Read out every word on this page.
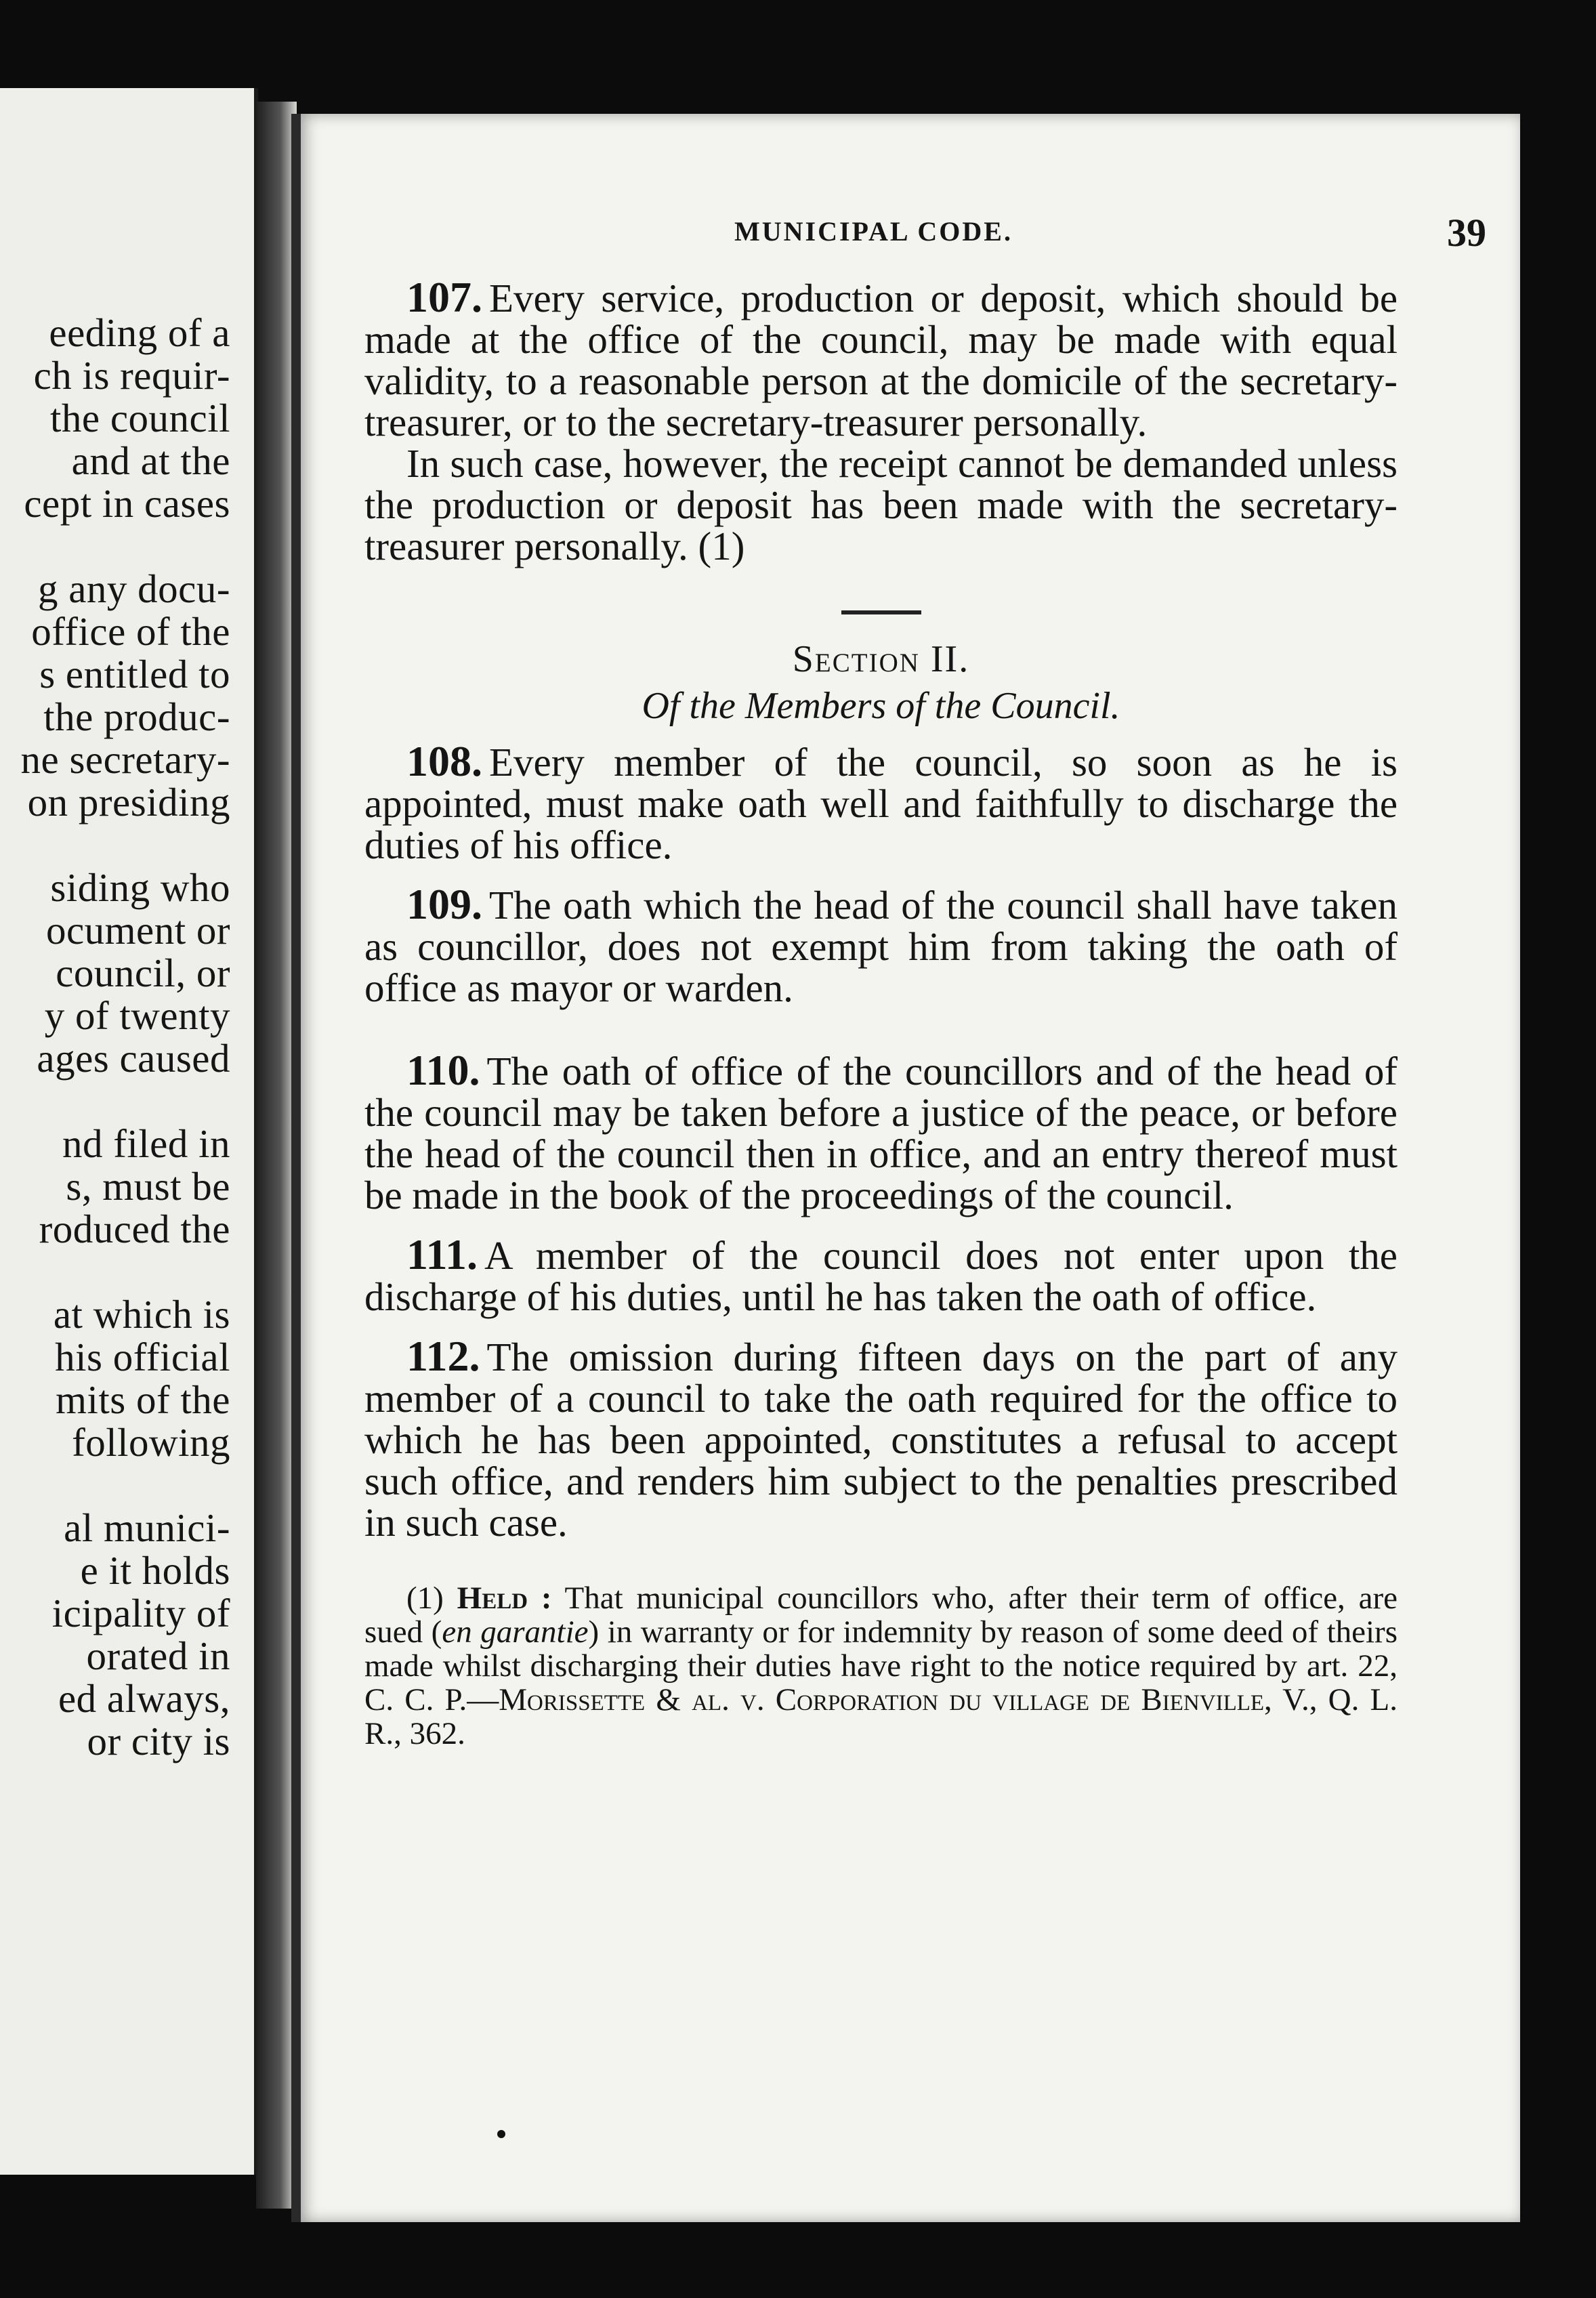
eeding of a
ch is requir-
the council
and at the
cept in cases
g any docu-
office of the
s entitled to
the produc-
ne secretary-
on presiding
siding who
ocument or
council, or
y of twenty
ages caused
nd filed in
s, must be
roduced the
at which is
his official
mits of the
following
al munici-
e it holds
icipality of
orated in
ed always,
or city is
MUNICIPAL CODE.	39

107. Every service, production or deposit, which should be made at the office of the council, may be made with equal validity, to a reasonable person at the domicile of the secretary-treasurer, or to the secretary-treasurer personally.

In such case, however, the receipt cannot be demanded unless the production or deposit has been made with the secretary-treasurer personally. (1)

Section II.

Of the Members of the Council.

108. Every member of the council, so soon as he is appointed, must make oath well and faithfully to discharge the duties of his office.

109. The oath which the head of the council shall have taken as councillor, does not exempt him from taking the oath of office as mayor or warden.

110. The oath of office of the councillors and of the head of the council may be taken before a justice of the peace, or before the head of the council then in office, and an entry thereof must be made in the book of the proceedings of the council.

111. A member of the council does not enter upon the discharge of his duties, until he has taken the oath of office.

112. The omission during fifteen days on the part of any member of a council to take the oath required for the office to which he has been appointed, constitutes a refusal to accept such office, and renders him subject to the penalties prescribed in such case.

(1) Held : That municipal councillors who, after their term of office, are sued (en garantie) in warranty or for indemnity by reason of some deed of theirs made whilst discharging their duties have right to the notice required by art. 22, C. C. P.—Morissette & al. v. Corporation du village de Bienville, V., Q. L. R., 362.
